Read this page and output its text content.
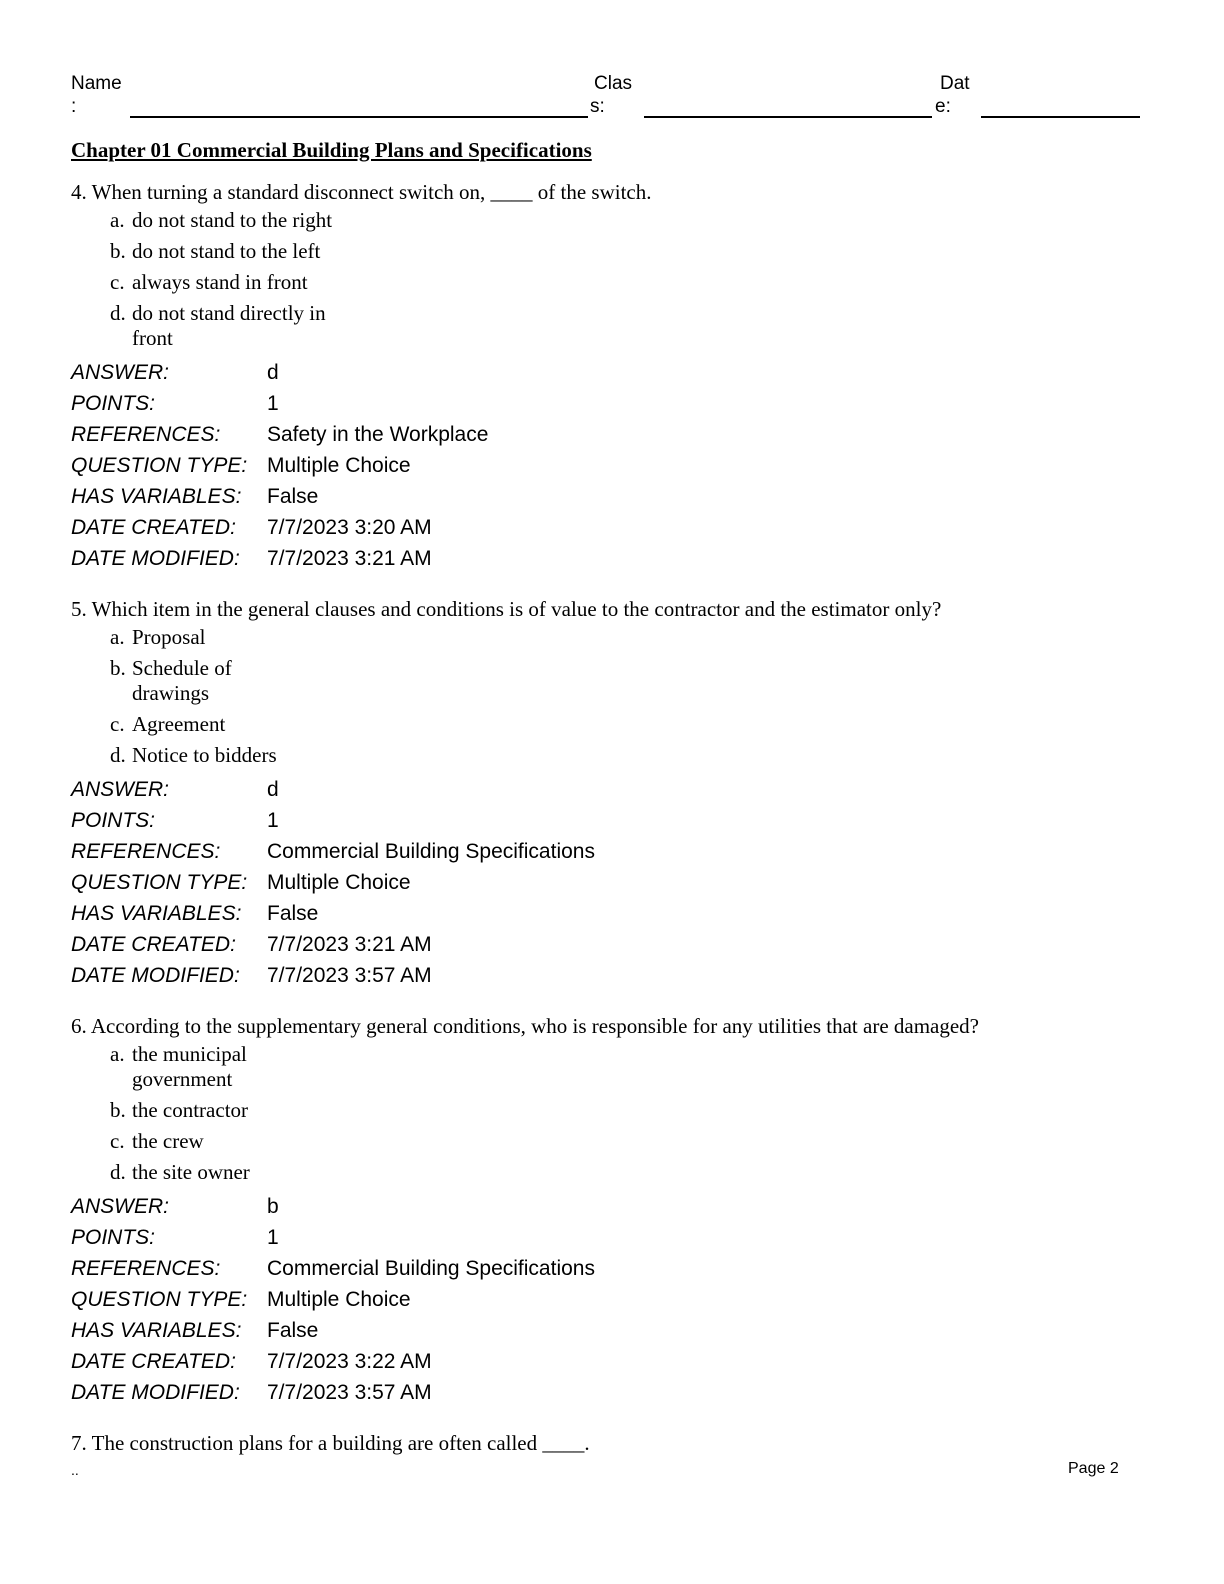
Name
:
Clas
s:
Dat
e:
Chapter 01 Commercial Building Plans and Specifications

4. When turning a standard disconnect switch on, ____ of the switch.

a. do not stand to the right
b. do not stand to the left
c. always stand in front
d. do not stand directly in front
ANSWER:	d
POINTS:	1
REFERENCES:	Safety in the Workplace
QUESTION TYPE: Multiple Choice
HAS VARIABLES:	False
DATE CREATED:	7/7/2023 3:20 AM
DATE MODIFIED:	7/7/2023 3:21 AM

5. Which item in the general clauses and conditions is of value to the contractor and the estimator only?

a. Proposal
b. Schedule of drawings
c. Agreement
d. Notice to bidders
ANSWER:	d
POINTS:	1
REFERENCES:	Commercial Building Specifications
QUESTION TYPE: Multiple Choice
HAS VARIABLES:	False
DATE CREATED:	7/7/2023 3:21 AM
DATE MODIFIED:	7/7/2023 3:57 AM

6. According to the supplementary general conditions, who is responsible for any utilities that are damaged?

a. the municipal government
b. the contractor
c. the crew
d. the site owner
ANSWER:	b
POINTS:	1
REFERENCES:	Commercial Building Specifications
QUESTION TYPE: Multiple Choice
HAS VARIABLES:	False
DATE CREATED:	7/7/2023 3:22 AM
DATE MODIFIED:	7/7/2023 3:57 AM

7. The construction plans for a building are often called ____.

..	Page 2
